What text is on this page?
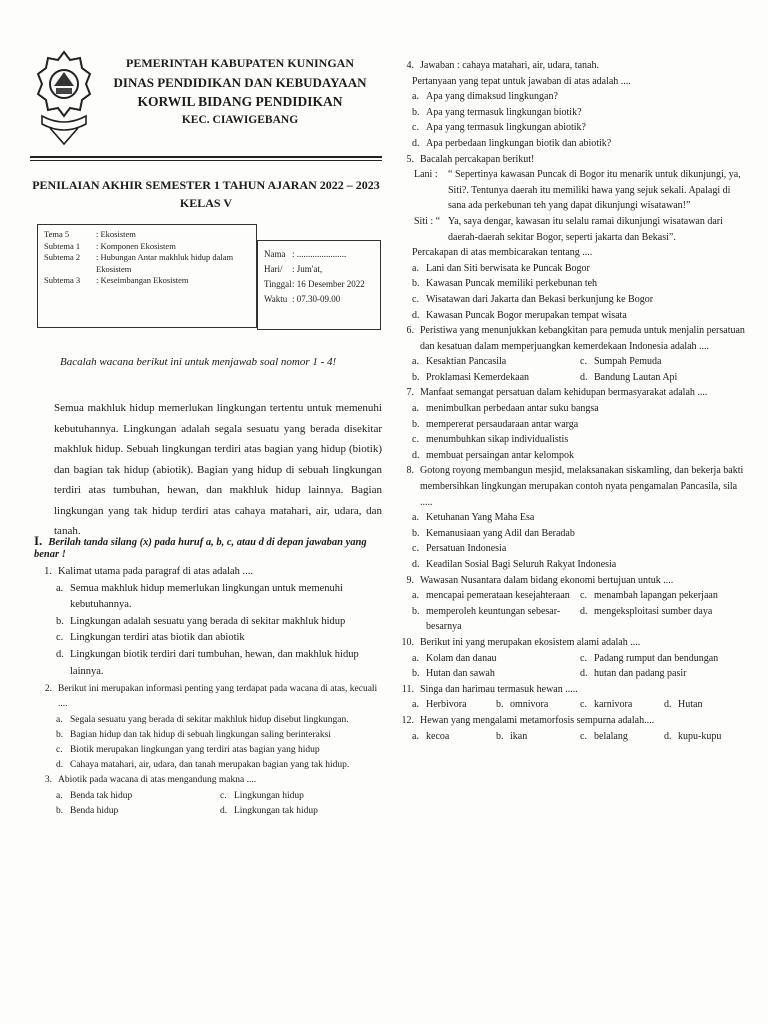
PEMERINTAH KABUPATEN KUNINGAN
DINAS PENDIDIKAN DAN KEBUDAYAAN
KORWIL BIDANG PENDIDIKAN
KEC. CIAWIGEBANG
PENILAIAN AKHIR SEMESTER 1 TAHUN AJARAN 2022 – 2023
KELAS V
Tema 5	: Ekosistem
Subtema 1	: Komponen Ekosistem
Subtema 2	: Hubungan Antar makhluk hidup dalam Ekosistem
Subtema 3	: Keseimbangan Ekosistem
Nama : ......................
Hari/	: Jum'at,
Tinggal : 16 Desember 2022
Waktu : 07.30-09.00
Bacalah wacana berikut ini untuk menjawab soal nomor 1 - 4!
Semua makhluk hidup memerlukan lingkungan tertentu untuk memenuhi kebutuhannya. Lingkungan adalah segala sesuatu yang berada disekitar makhluk hidup. Sebuah lingkungan terdiri atas bagian yang hidup (biotik) dan bagian tak hidup (abiotik). Bagian yang hidup di sebuah lingkungan terdiri atas tumbuhan, hewan, dan makhluk hidup lainnya. Bagian lingkungan yang tak hidup terdiri atas cahaya matahari, air, udara, dan tanah.
I. Berilah tanda silang (x) pada huruf a, b, c, atau d di depan jawaban yang benar !
1. Kalimat utama pada paragraf di atas adalah ....
a. Semua makhluk hidup memerlukan lingkungan untuk memenuhi kebutuhannya.
b. Lingkungan adalah sesuatu yang berada di sekitar makhluk hidup
c. Lingkungan terdiri atas biotik dan abiotik
d. Lingkungan biotik terdiri dari tumbuhan, hewan, dan makhluk hidup lainnya.
2. Berikut ini merupakan informasi penting yang terdapat pada wacana di atas, kecuali ....
a. Segala sesuatu yang berada di sekitar makhluk hidup disebut lingkungan.
b. Bagian hidup dan tak hidup di sebuah lingkungan saling berinteraksi
c. Biotik merupakan lingkungan yang terdiri atas bagian yang hidup
d. Cahaya matahari, air, udara, dan tanah merupakan bagian yang tak hidup.
3. Abiotik pada wacana di atas mengandung makna ....
a. Benda tak hidup	c. Lingkungan hidup
b. Benda hidup	d. Lingkungan tak hidup
4. Jawaban : cahaya matahari, air, udara, tanah.
Pertanyaan yang tepat untuk jawaban di atas adalah ....
a. Apa yang dimaksud lingkungan?
b. Apa yang termasuk lingkungan biotik?
c. Apa yang termasuk lingkungan abiotik?
d. Apa perbedaan lingkungan biotik dan abiotik?
5. Bacalah percakapan berikut!
Lani :	“ Sepertinya kawasan Puncak di Bogor itu menarik untuk dikunjungi, ya, Siti?. Tentunya daerah itu memiliki hawa yang sejuk sekali. Apalagi di sana ada perkebunan teh yang dapat dikunjungi wisatawan!”
Siti : “ Ya, saya dengar, kawasan itu selalu ramai dikunjungi wisatawan dari daerah-daerah sekitar Bogor, seperti jakarta dan Bekasi”.
Percakapan di atas membicarakan tentang ....
a. Lani dan Siti berwisata ke Puncak Bogor
b. Kawasan Puncak memiliki perkebunan teh
c. Wisatawan dari Jakarta dan Bekasi berkunjung ke Bogor
d. Kawasan Puncak Bogor merupakan tempat wisata
6. Peristiwa yang menunjukkan kebangkitan para pemuda untuk menjalin persatuan dan kesatuan dalam memperjuangkan kemerdekaan Indonesia adalah ....
a. Kesaktian Pancasila	c. Sumpah Pemuda
b. Proklamasi Kemerdekaan	d. Bandung Lautan Api
7. Manfaat semangat persatuan dalam kehidupan bermasyarakat adalah ....
a. menimbulkan perbedaan antar suku bangsa
b. mempererat persaudaraan antar warga
c. menumbuhkan sikap individualistis
d. membuat persaingan antar kelompok
8. Gotong royong membangun mesjid, melaksanakan siskamling, dan bekerja bakti membersihkan lingkungan merupakan contoh nyata pengamalan Pancasila, sila .....
a. Ketuhanan Yang Maha Esa
b. Kemanusiaan yang Adil dan Beradab
c. Persatuan Indonesia
d. Keadilan Sosial Bagi Seluruh Rakyat Indonesia
9. Wawasan Nusantara dalam bidang ekonomi bertujuan untuk ....
a. mencapai pemerataan kesejahteraan c. menambah lapangan pekerjaan
b. memperoleh keuntungan sebesar-besarnya
d. mengeksploitasi sumber daya
10. Berikut ini yang merupakan ekosistem alami adalah ....
a. Kolam dan danau	c. Padang rumput dan bendungan
b. Hutan dan sawah	d. hutan dan padang pasir
11. Singa dan harimau termasuk hewan .....
a. Herbivora	b. omnivora	c. karnivora	d. Hutan
12. Hewan yang mengalami metamorfosis sempurna adalah....
a. kecoa	b. ikan	c. belalang	d. kupu-kupu
